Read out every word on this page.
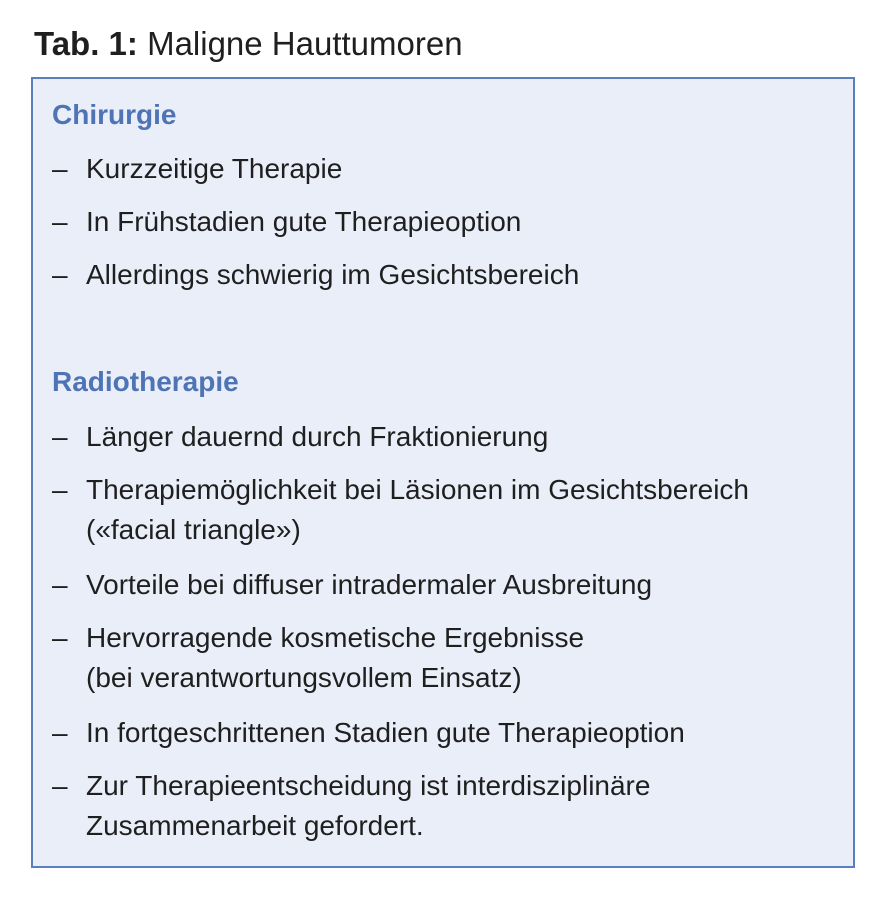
Tab. 1: Maligne Hauttumoren
Chirurgie
– Kurzzeitige Therapie
– In Frühstadien gute Therapieoption
– Allerdings schwierig im Gesichtsbereich
Radiotherapie
– Länger dauernd durch Fraktionierung
– Therapiemöglichkeit bei Läsionen im Gesichtsbereich
(«facial triangle»)
– Vorteile bei diffuser intradermaler Ausbreitung
– Hervorragende kosmetische Ergebnisse
(bei verantwortungsvollem Einsatz)
– In fortgeschrittenen Stadien gute Therapieoption
– Zur Therapieentscheidung ist interdisziplinäre
Zusammenarbeit gefordert.
